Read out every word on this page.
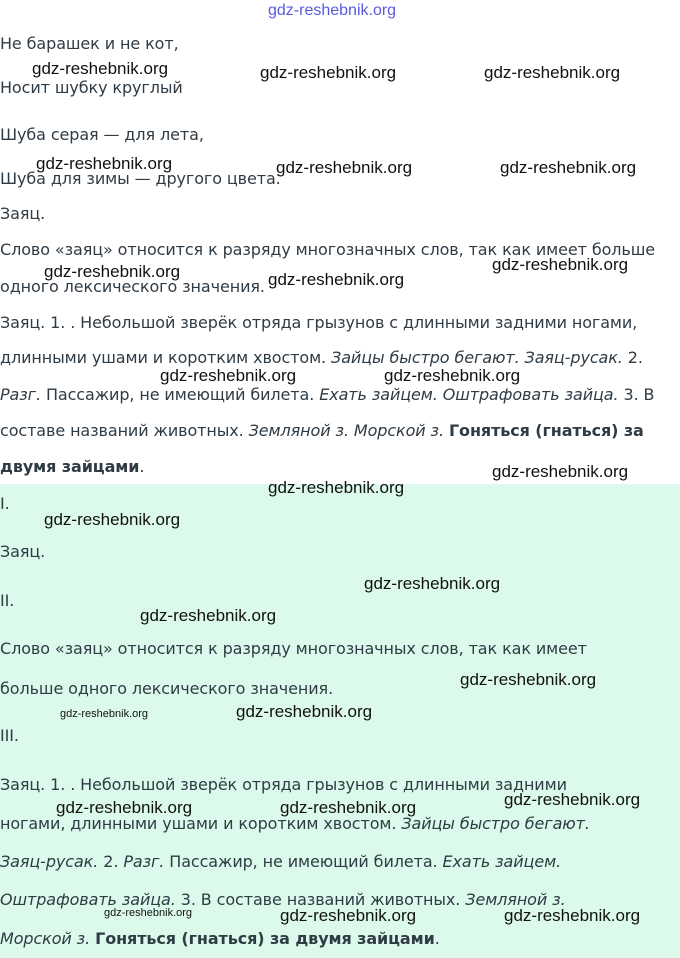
Не барашек и не кот,
Носит шубку круглый
Шуба серая — для лета,
Шуба для зимы — другого цвета.
Заяц.
Слово «заяц» относится к разряду многозначных слов, так как имеет больше
одного лексического значения.
Заяц. 1. . Небольшой зверёк отряда грызунов с длинными задними ногами,
длинными ушами и коротким хвостом. Зайцы быстро бегают. Заяц-русак. 2.
Разг. Пассажир, не имеющий билета. Ехать зайцем. Оштрафовать зайца. 3. В
составе названий животных. Земляной з. Морской з. Гоняться (гнаться) за
двумя зайцами.
I.
Заяц.
II.
Слово «заяц» относится к разряду многозначных слов, так как имеет
больше одного лексического значения.
III.
Заяц. 1. . Небольшой зверёк отряда грызунов с длинными задними
ногами, длинными ушами и коротким хвостом. Зайцы быстро бегают.
Заяц-русак. 2. Разг. Пассажир, не имеющий билета. Ехать зайцем.
Оштрафовать зайца. 3. В составе названий животных. Земляной з.
Морской з. Гоняться (гнаться) за двумя зайцами.
gdz-reshebnik.org
gdz-reshebnik.org	gdz-reshebnik.org	gdz-reshebnik.org
gdz-reshebnik.org	gdz-reshebnik.org	gdz-reshebnik.org
gdz-reshebnik.org	gdz-reshebnik.org
gdz-reshebnik.org
gdz-reshebnik.org	gdz-reshebnik.org
gdz-reshebnik.org
gdz-reshebnik.org
gdz-reshebnik.org
gdz-reshebnik.org
gdz-reshebnik.org
gdz-reshebnik.org
gdz-reshebnik.org	gdz-reshebnik.org
gdz-reshebnik.org
gdz-reshebnik.org	gdz-reshebnik.org
gdz-reshebnik.org	gdz-reshebnik.org	gdz-reshebnik.org
